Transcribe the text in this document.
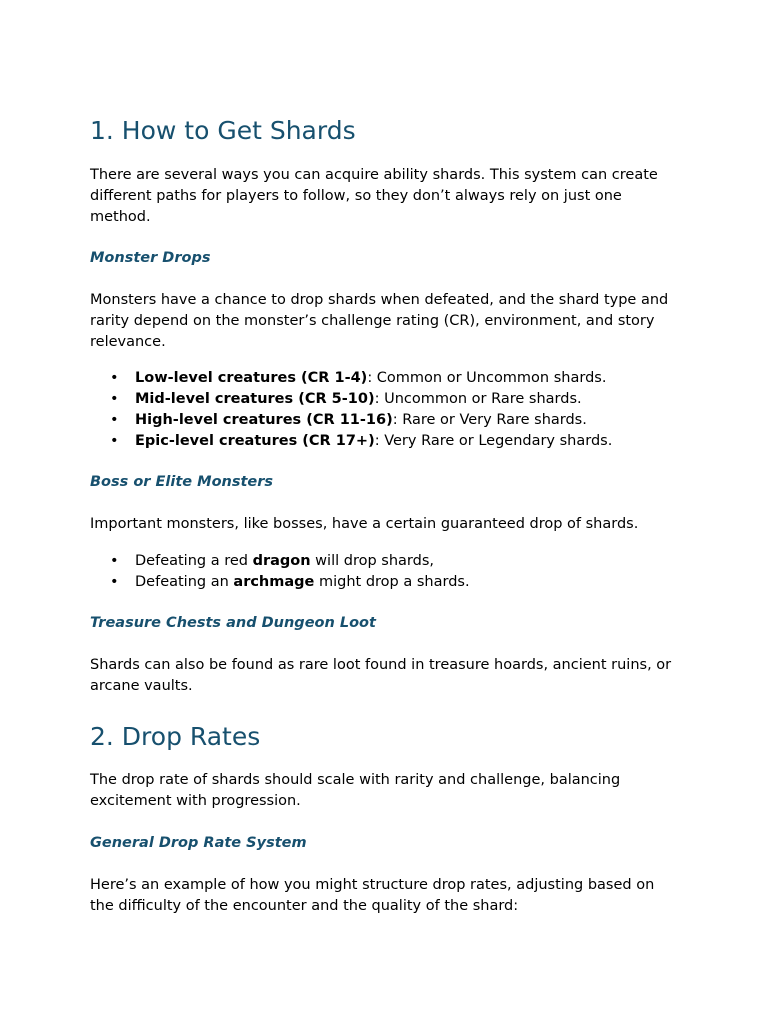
1. How to Get Shards

There are several ways you can acquire ability shards. This system can create different paths for players to follow, so they don’t always rely on just one method.

Monster Drops

Monsters have a chance to drop shards when defeated, and the shard type and rarity depend on the monster’s challenge rating (CR), environment, and story relevance.

• Low-level creatures (CR 1-4): Common or Uncommon shards.
• Mid-level creatures (CR 5-10): Uncommon or Rare shards.
• High-level creatures (CR 11-16): Rare or Very Rare shards.
• Epic-level creatures (CR 17+): Very Rare or Legendary shards.
Boss or Elite Monsters

Important monsters, like bosses, have a certain guaranteed drop of shards.

• Defeating a red dragon will drop shards,
• Defeating an archmage might drop a shards.
Treasure Chests and Dungeon Loot

Shards can also be found as rare loot found in treasure hoards, ancient ruins, or arcane vaults.

2. Drop Rates

The drop rate of shards should scale with rarity and challenge, balancing excitement with progression.

General Drop Rate System

Here’s an example of how you might structure drop rates, adjusting based on the difficulty of the encounter and the quality of the shard:
